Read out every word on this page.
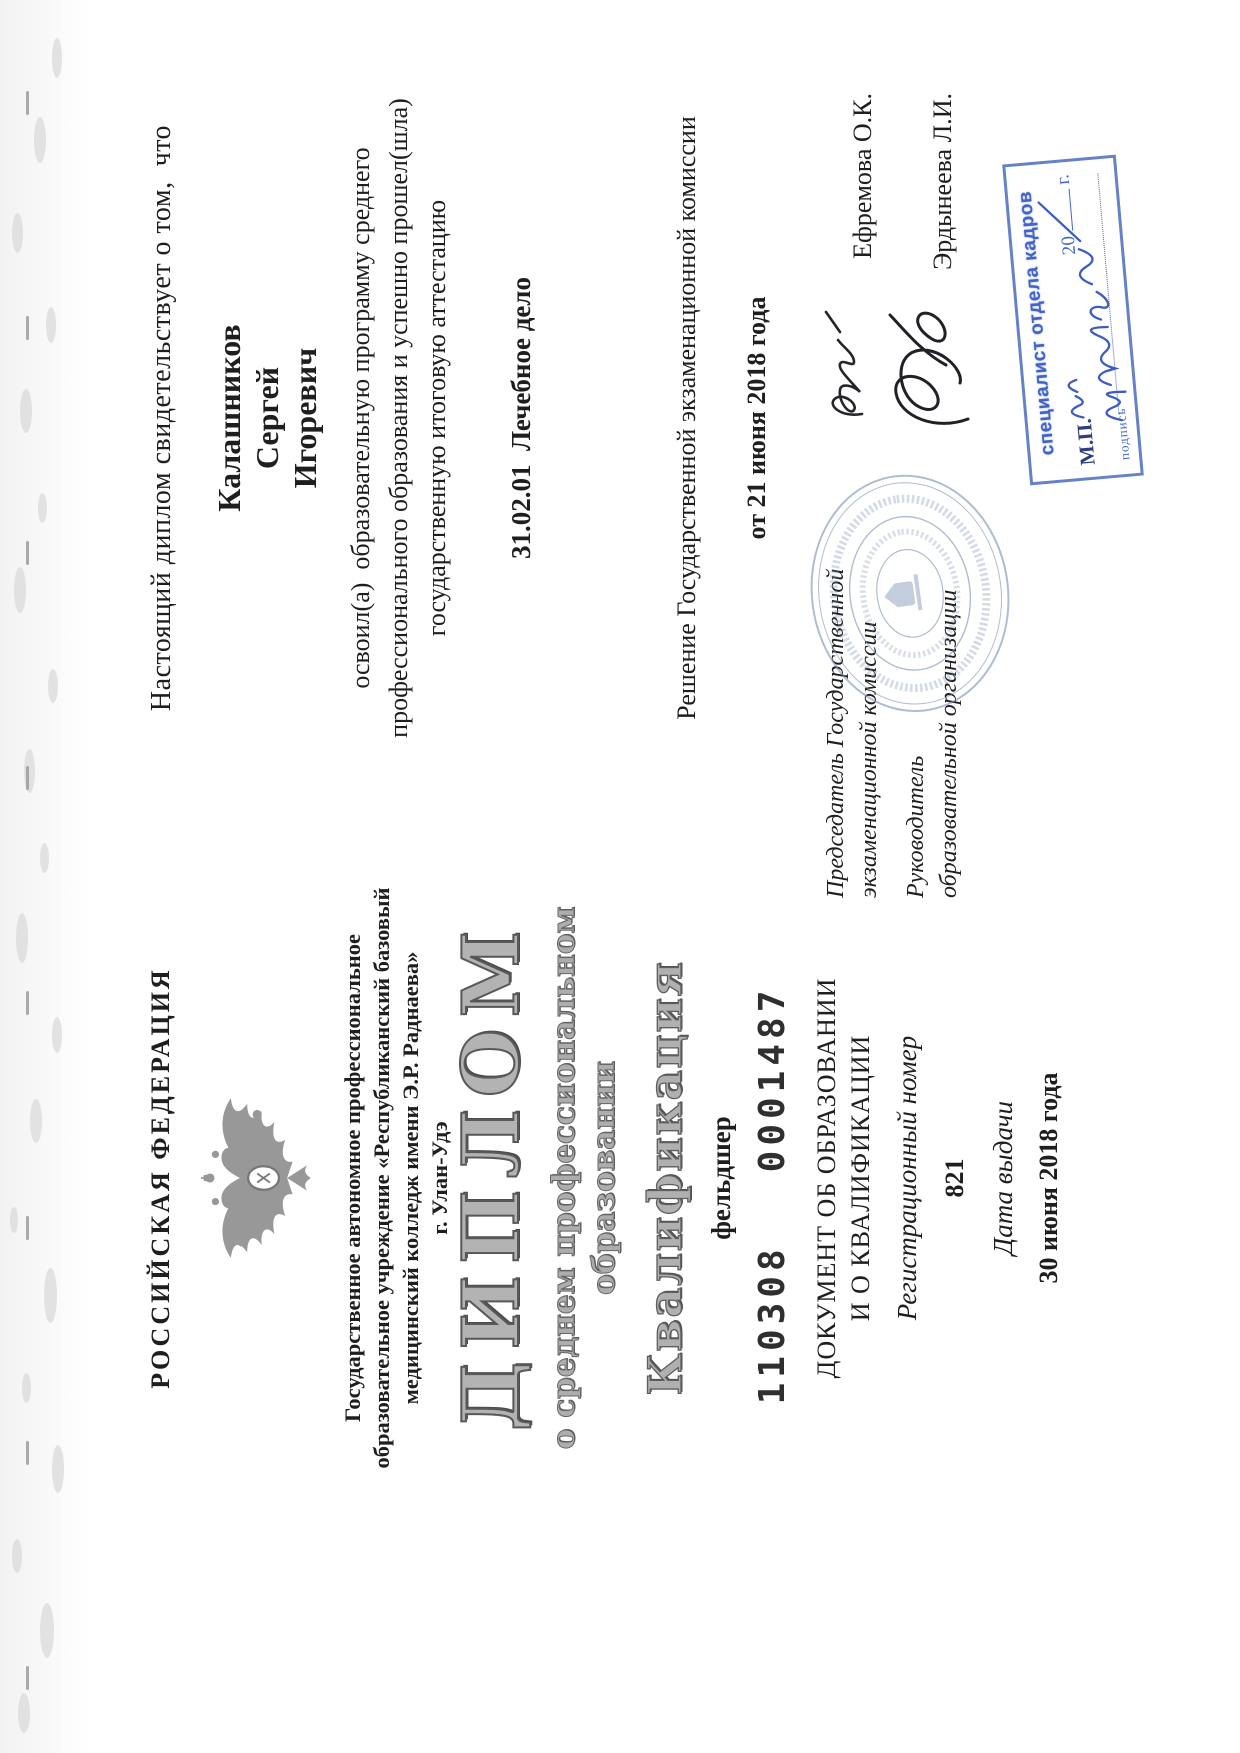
РОССИЙСКАЯ ФЕДЕРАЦИЯ	Государственное автономное профессиональное образовательное учреждение «Республиканский базовый медицинский колледж имени Э.Р. Раднаева» г. Улан-Удэ
ДИПЛОМ о среднем профессиональном образовании Квалификация фельдшер
110308
0001487 ДОКУМЕНТ ОБ ОБРАЗОВАНИИ И О КВАЛИФИКАЦИИ Регистрационный номер 821 Дата выдачи 30 июня 2018 года
Настоящий диплом свидетельствует о том,  что Калашников Сергей Игоревич освоил(а)  образовательную программу среднего профессионального образования и успешно прошел(шла) государственную итоговую аттестацию 31.02.01  Лечебное дело	Решение Государственной экзаменационной комиссии от 21 июня 2018 года
Председатель Государственной экзаменационной комиссии
Ефремова О.К.
Руководитель образовательной организации
Эрдынеева Л.И.
специалист отдела кадров М.П.
20  г.
подпись
